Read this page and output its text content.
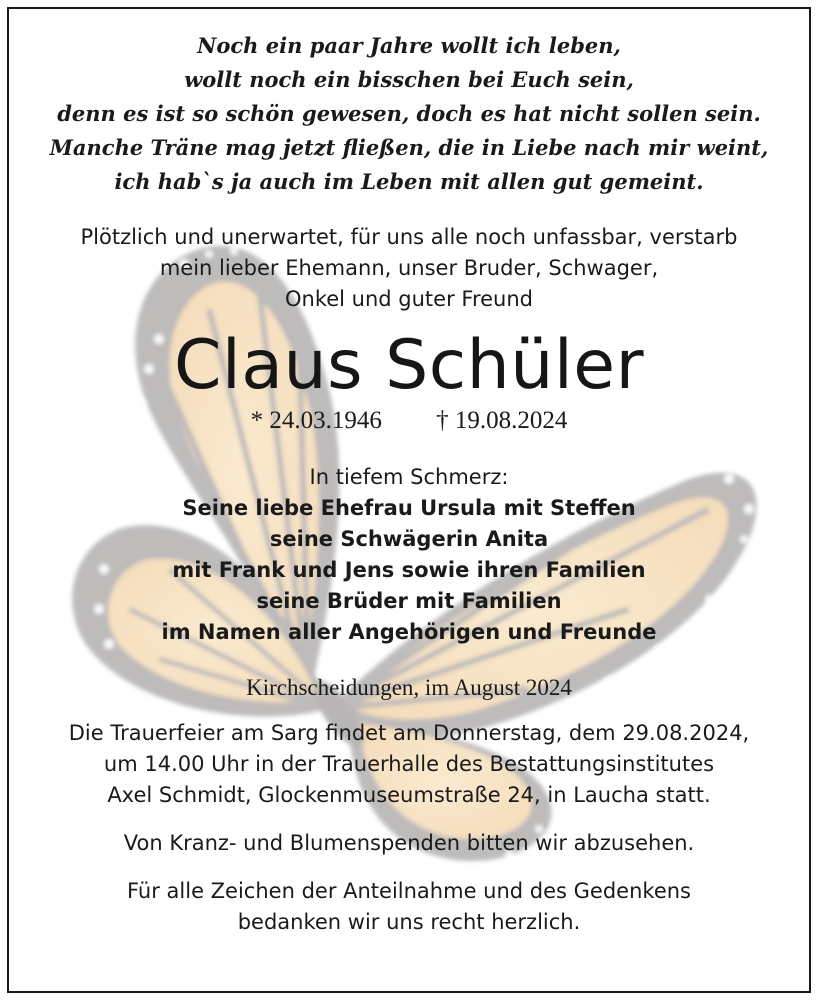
Noch ein paar Jahre wollt ich leben,
wollt noch ein bisschen bei Euch sein,
denn es ist so schön gewesen, doch es hat nicht sollen sein.
Manche Träne mag jetzt fließen, die in Liebe nach mir weint,
ich hab`s ja auch im Leben mit allen gut gemeint.
Plötzlich und unerwartet, für uns alle noch unfassbar, verstarb
mein lieber Ehemann, unser Bruder, Schwager,
Onkel und guter Freund
Claus Schüler
* 24.03.1946 † 19.08.2024
In tiefem Schmerz:
Seine liebe Ehefrau Ursula mit Steffen
seine Schwägerin Anita
mit Frank und Jens sowie ihren Familien
seine Brüder mit Familien
im Namen aller Angehörigen und Freunde
Kirchscheidungen, im August 2024
Die Trauerfeier am Sarg findet am Donnerstag, dem 29.08.2024,
um 14.00 Uhr in der Trauerhalle des Bestattungsinstitutes
Axel Schmidt, Glockenmuseumstraße 24, in Laucha statt.
Von Kranz- und Blumenspenden bitten wir abzusehen.
Für alle Zeichen der Anteilnahme und des Gedenkens
bedanken wir uns recht herzlich.
